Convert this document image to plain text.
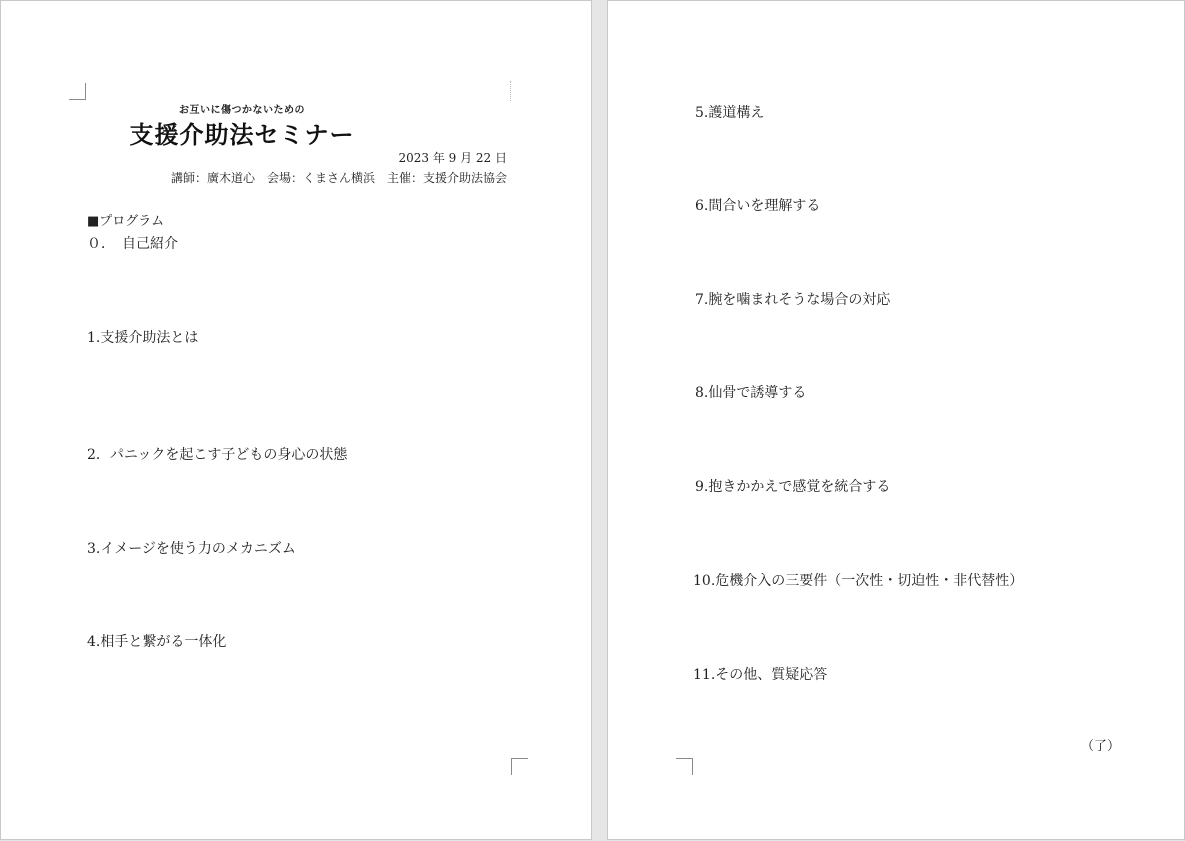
お互いに傷つかないための
支援介助法セミナー
2023 年 9 月 22 日
講師：廣木道心　会場：くまさん横浜　主催：支援介助法協会
■プログラム
０．　自己紹介
1.支援介助法とは
2．パニックを起こす子どもの身心の状態
3.イメージを使う力のメカニズム
4.相手と繋がる一体化
5.護道構え
6.間合いを理解する
7.腕を噛まれそうな場合の対応
8.仙骨で誘導する
9.抱きかかえで感覚を統合する
10.危機介入の三要件（一次性・切迫性・非代替性）
11.その他、質疑応答
（了）
